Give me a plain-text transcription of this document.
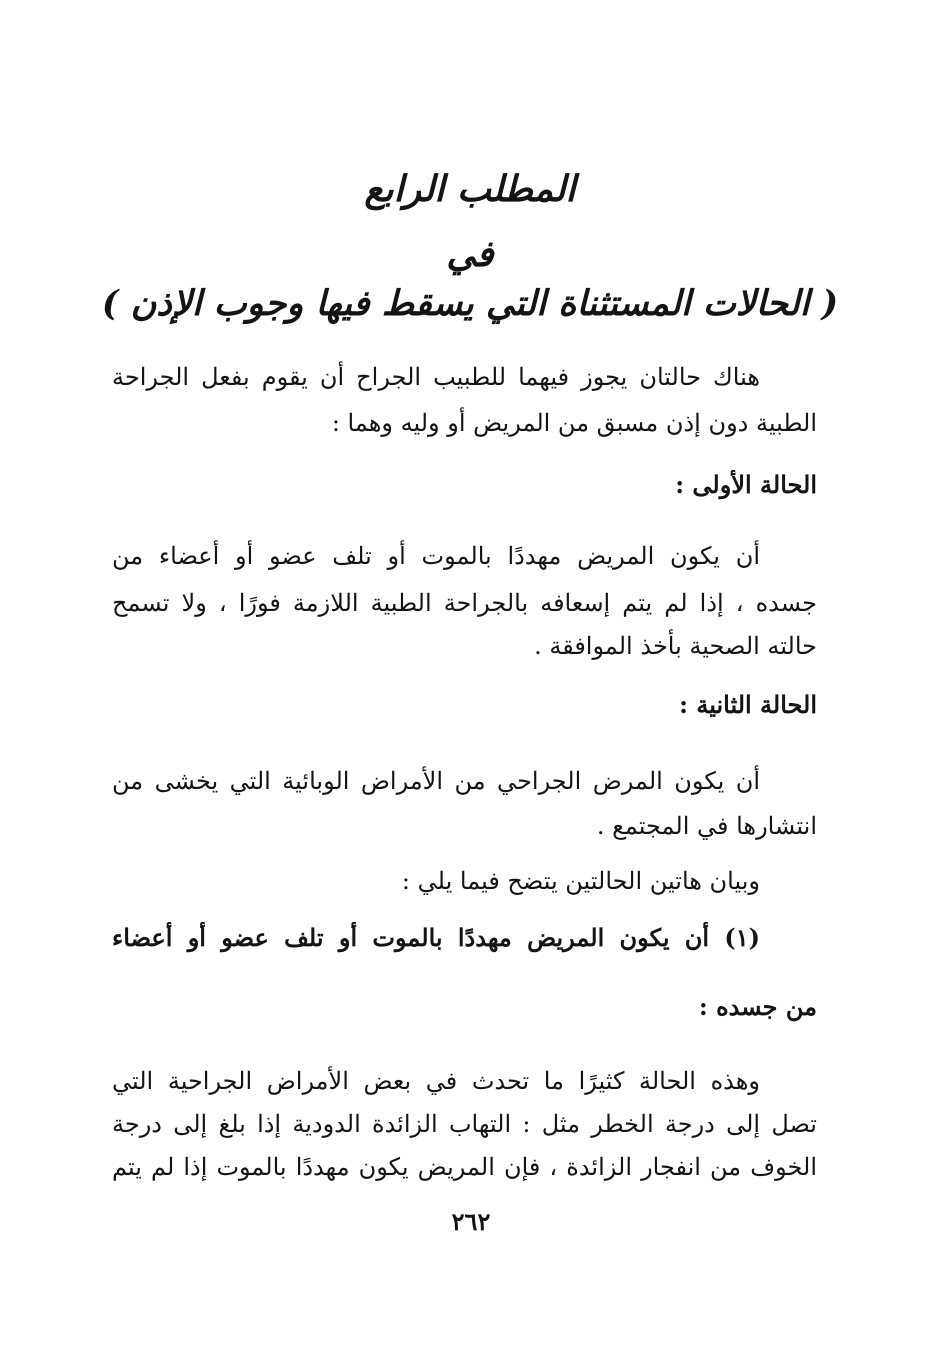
المطلب الرابع
في
( الحالات المستثناة التي يسقط فيها وجوب الإذن )
هناك حالتان يجوز فيهما للطبيب الجراح أن يقوم بفعل الجراحة
الطبية دون إذن مسبق من المريض أو وليه وهما :
الحالة الأولى :
أن يكون المريض مهددًا بالموت أو تلف عضو أو أعضاء من
جسده ، إذا لم يتم إسعافه بالجراحة الطبية اللازمة فورًا ، ولا تسمح
حالته الصحية بأخذ الموافقة .
الحالة الثانية :
أن يكون المرض الجراحي من الأمراض الوبائية التي يخشى من
انتشارها في المجتمع .
وبيان هاتين الحالتين يتضح فيما يلي :
(١) أن يكون المريض مهددًا بالموت أو تلف عضو أو أعضاء
من جسده :
وهذه الحالة كثيرًا ما تحدث في بعض الأمراض الجراحية التي
تصل إلى درجة الخطر مثل : التهاب الزائدة الدودية إذا بلغ إلى درجة
الخوف من انفجار الزائدة ، فإن المريض يكون مهددًا بالموت إذا لم يتم
٢٦٢
